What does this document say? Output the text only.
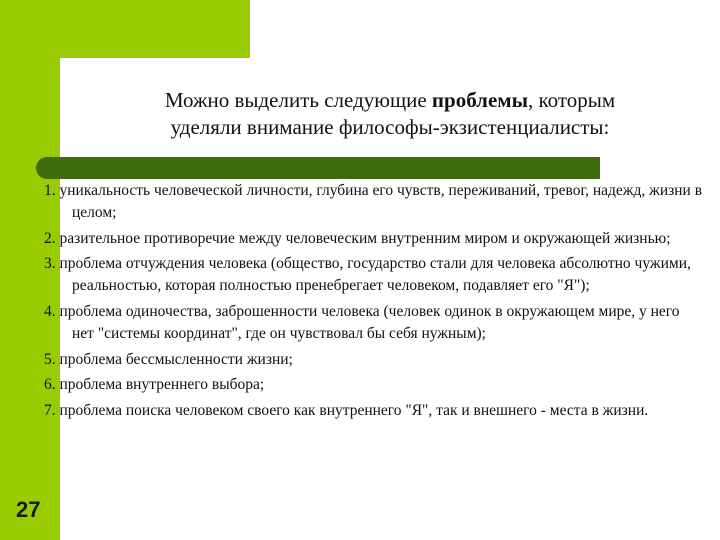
Можно выделить следующие проблемы, которым
уделяли внимание философы-экзистенциалисты:
1. уникальность человеческой личности, глубина его чувств, переживаний, тревог, надежд, жизни в целом;
2. разительное противоречие между человеческим внутренним миром и окружающей жизнью;
3. проблема отчуждения человека (общество, государство стали для человека абсолютно чужими, реальностью, которая полностью пренебрегает человеком, подавляет его "Я");
4. проблема одиночества, заброшенности человека (человек одинок в окружающем мире, у него нет "системы координат", где он чувствовал бы себя нужным);
5. проблема бессмысленности жизни;
6. проблема внутреннего выбора;
7. проблема поиска человеком своего как внутреннего "Я", так и внешнего - места в жизни.
27
